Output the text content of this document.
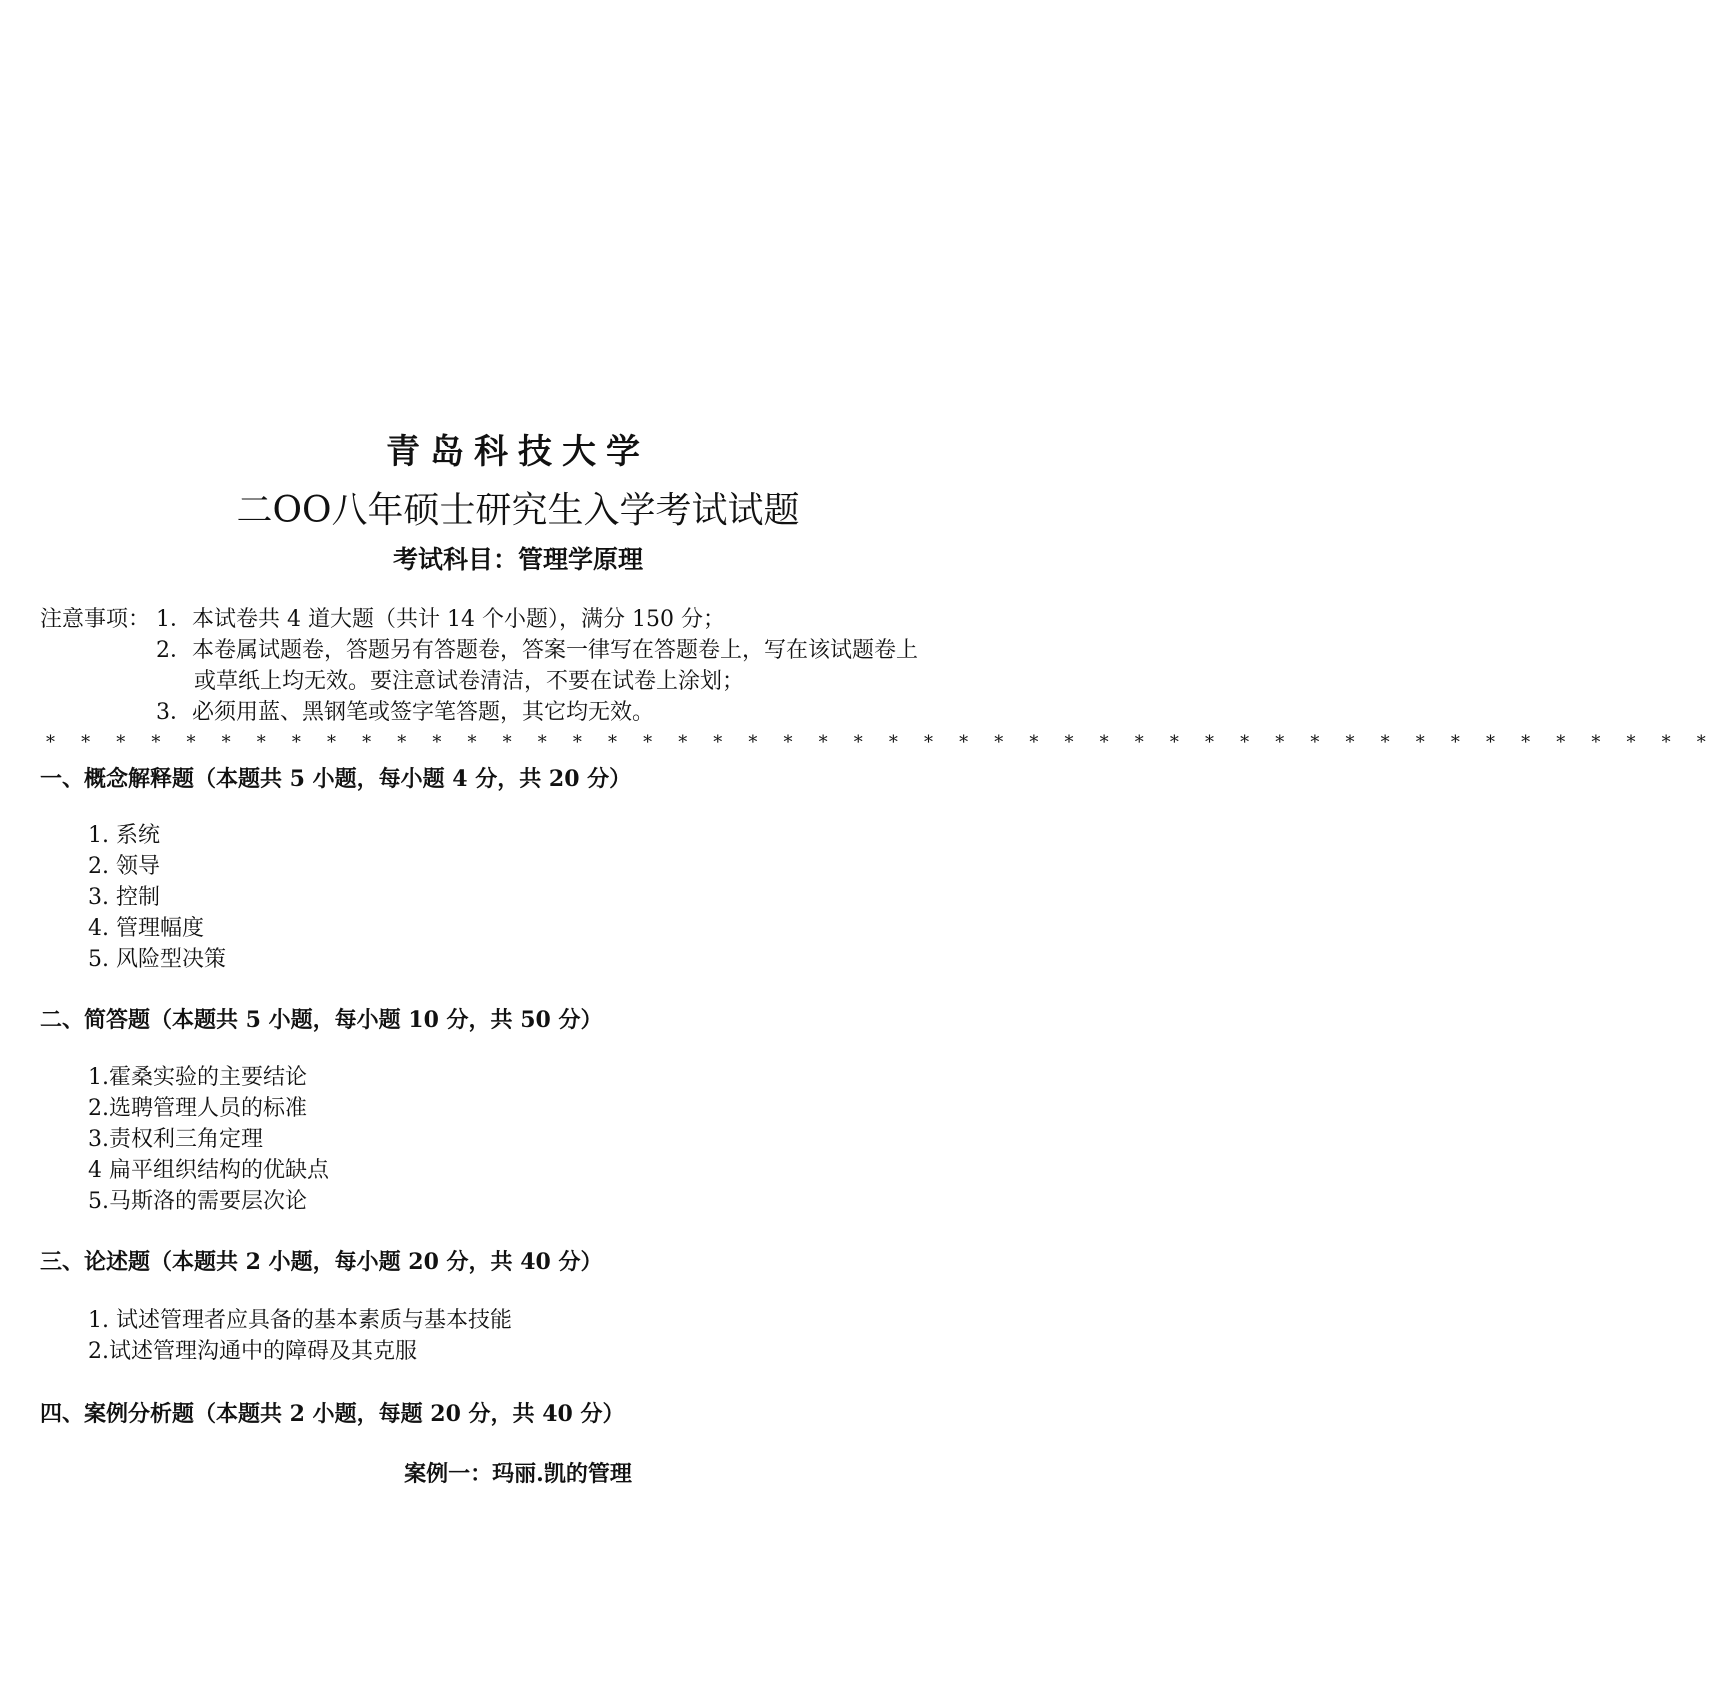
青岛科技大学
二OO八年硕士研究生入学考试试题
考试科目：管理学原理
注意事项： 1．本试卷共 4 道大题（共计 14 个小题），满分 150 分；
2．本卷属试题卷，答题另有答题卷，答案一律写在答题卷上，写在该试题卷上
或草纸上均无效。要注意试卷清洁，不要在试卷上涂划；
3．必须用蓝、黑钢笔或签字笔答题，其它均无效。
* * * * * * * * * * * * * * * * * * * * * * * * * * * * * * * * * * * * * * * * * * * * * * * *
一、概念解释题（本题共 5 小题，每小题 4 分，共 20 分）
1. 系统
2. 领导
3. 控制
4. 管理幅度
5. 风险型决策
二、简答题（本题共 5 小题，每小题 10 分，共 50 分）
1.霍桑实验的主要结论
2.选聘管理人员的标准
3.责权利三角定理
4 扁平组织结构的优缺点
5.马斯洛的需要层次论
三、论述题（本题共 2 小题，每小题 20 分，共 40 分）
1. 试述管理者应具备的基本素质与基本技能
2.试述管理沟通中的障碍及其克服
四、案例分析题（本题共 2 小题，每题 20 分，共 40 分）
案例一：玛丽.凯的管理
